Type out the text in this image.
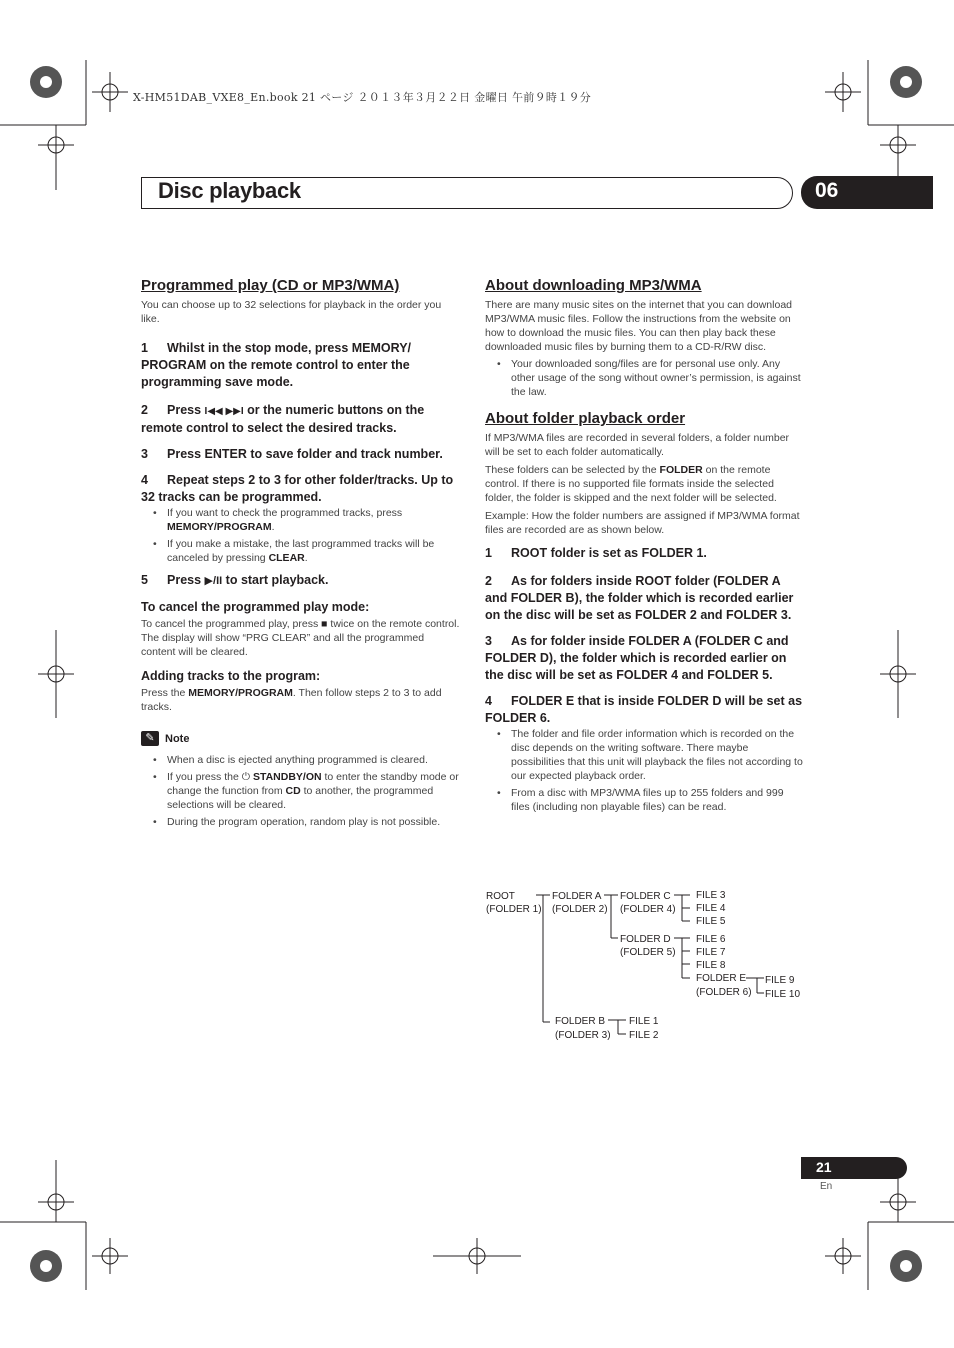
X-HM51DAB_VXE8_En.book 21 ページ ２０１３年３月２２日 金曜日 午前９時１９分
Disc playback	06

Programmed play (CD or MP3/WMA)

You can choose up to 32 selections for playback in the order you like.

1 Whilst in the stop mode, press MEMORY/ PROGRAM on the remote control to enter the programming save mode.

2 Press I◀◀ ▶▶I or the numeric buttons on the remote control to select the desired tracks.

3 Press ENTER to save folder and track number.

4 Repeat steps 2 to 3 for other folder/tracks. Up to 32 tracks can be programmed.

• If you want to check the programmed tracks, press MEMORY/PROGRAM.
• If you make a mistake, the last programmed tracks will be canceled by pressing CLEAR.

5 Press ▶/II to start playback.

To cancel the programmed play mode:

To cancel the programmed play, press ■ twice on the remote control. The display will show “PRG CLEAR” and all the programmed content will be cleared.

Adding tracks to the program:

Press the MEMORY/PROGRAM. Then follow steps 2 to 3 to add tracks.

✎ Note
• When a disc is ejected anything programmed is cleared.
• If you press the ⏻ STANDBY/ON to enter the standby mode or change the function from CD to another, the programmed selections will be cleared.
• During the program operation, random play is not possible.

About downloading MP3/WMA

There are many music sites on the internet that you can download MP3/WMA music files. Follow the instructions from the website on how to download the music files. You can then play back these downloaded music files by burning them to a CD-R/RW disc.

• Your downloaded song/files are for personal use only. Any other usage of the song without owner’s permission, is against the law.

About folder playback order

If MP3/WMA files are recorded in several folders, a folder number will be set to each folder automatically.

These folders can be selected by the FOLDER on the remote control. If there is no supported file formats inside the selected folder, the folder is skipped and the next folder will be selected.

Example: How the folder numbers are assigned if MP3/WMA format files are recorded are as shown below.

1 ROOT folder is set as FOLDER 1.

2 As for folders inside ROOT folder (FOLDER A and FOLDER B), the folder which is recorded earlier on the disc will be set as FOLDER 2 and FOLDER 3.

3 As for folder inside FOLDER A (FOLDER C and FOLDER D), the folder which is recorded earlier on the disc will be set as FOLDER 4 and FOLDER 5.

4 FOLDER E that is inside FOLDER D will be set as FOLDER 6.

• The folder and file order information which is recorded on the disc depends on the writing software. There maybe possibilities that this unit will playback the files not according to our expected playback order.
• From a disc with MP3/WMA files up to 255 folders and 999 files (including non playable files) can be read.
ROOT
(FOLDER 1)
FOLDER A
(FOLDER 2)
FOLDER C
(FOLDER 4)
FOLDER D
(FOLDER 5)
FILE 3
FILE 4
FILE 5
FILE 6
FILE 7
FILE 8
FOLDER E
(FOLDER 6)
FILE 9
FILE 10
FOLDER B
(FOLDER 3)
FILE 1
FILE 2
21
En
